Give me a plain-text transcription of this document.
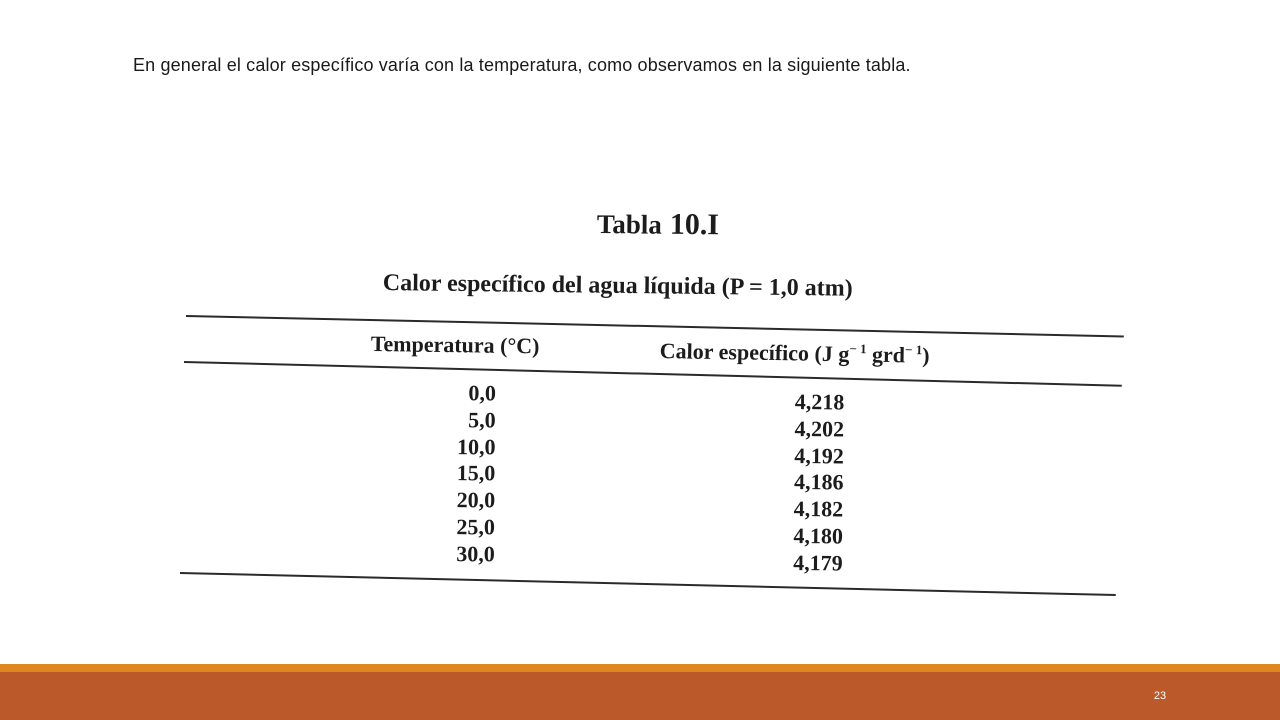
En general el calor específico varía con la temperatura, como observamos en la siguiente tabla.
Tabla 10.I
Calor específico del agua líquida (P = 1,0 atm)
Temperatura (°C)	Calor específico (J $g^{- 1}$ grd$^{- 1}$)
0,0
5,0
10,0
15,0
20,0
25,0
30,0
4,218
4,202
4,192
4,186
4,182
4,180
4,179
23
